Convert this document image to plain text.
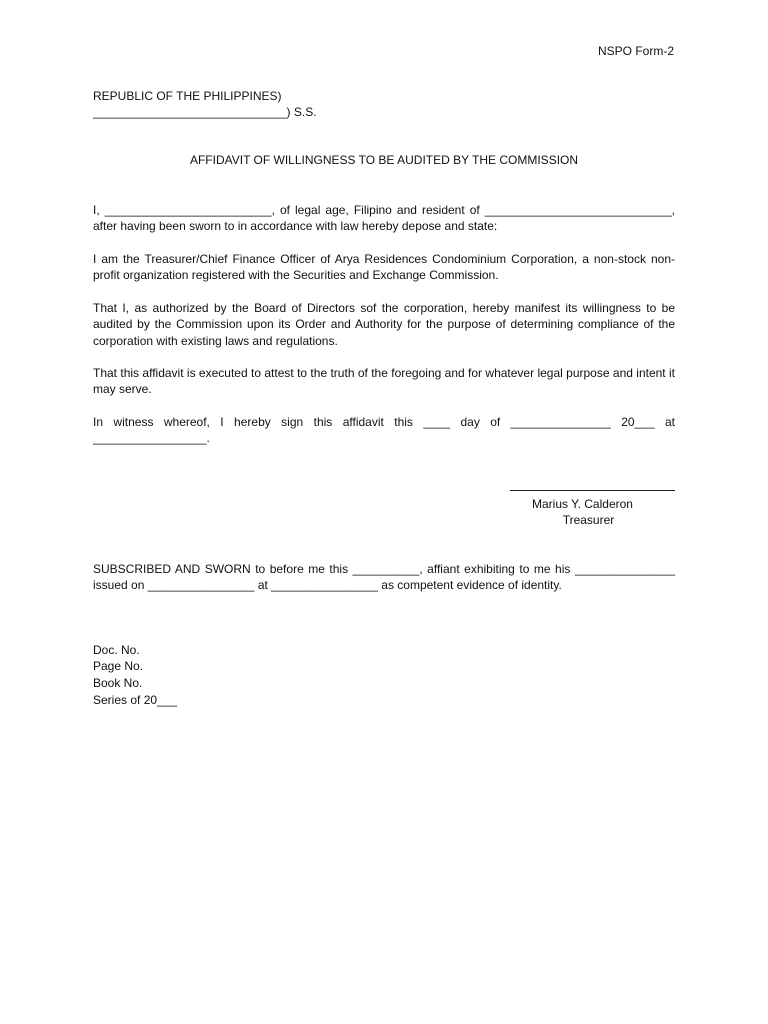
NSPO Form-2
REPUBLIC OF THE PHILIPPINES)
_____________________________) S.S.
AFFIDAVIT OF WILLINGNESS TO BE AUDITED BY THE COMMISSION
I, _________________________, of legal age, Filipino and resident of ____________________________, after having been sworn to in accordance with law hereby depose and state:
I am the Treasurer/Chief Finance Officer of Arya Residences Condominium Corporation, a non-stock non-profit organization registered with the Securities and Exchange Commission.
That I, as authorized by the Board of Directors sof the corporation, hereby manifest its willingness to be audited by the Commission upon its Order and Authority for the purpose of determining compliance of the corporation with existing laws and regulations.
That this affidavit is executed to attest to the truth of the foregoing and for whatever legal purpose and intent it may serve.
In witness whereof, I hereby sign this affidavit this ____ day of _______________ 20___ at _________________.
Marius Y. Calderon
Treasurer
SUBSCRIBED AND SWORN to before me this __________, affiant exhibiting to me his _______________ issued on ________________ at ________________ as competent evidence of identity.
Doc. No.
Page No.
Book No.
Series of 20___
